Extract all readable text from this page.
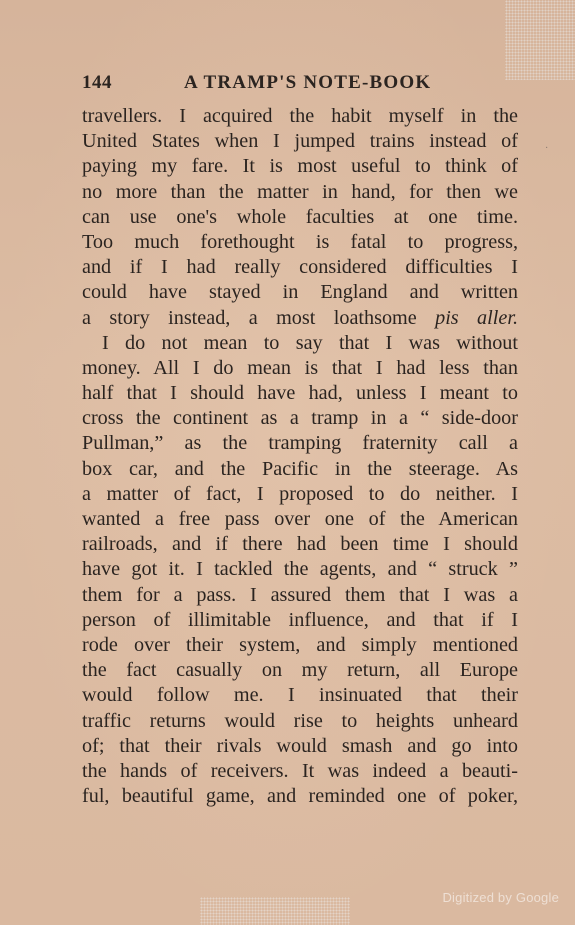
144	A TRAMP'S NOTE-BOOK
travellers. I acquired the habit myself in the
United States when I jumped trains instead of
paying my fare. It is most useful to think of
no more than the matter in hand, for then we
can use one's whole faculties at one time.
Too much forethought is fatal to progress,
and if I had really considered difficulties I
could have stayed in England and written
a story instead, a most loathsome pis aller.
I do not mean to say that I was without
money. All I do mean is that I had less than
half that I should have had, unless I meant to
cross the continent as a tramp in a “ side-door
Pullman,” as the tramping fraternity call a
box car, and the Pacific in the steerage. As
a matter of fact, I proposed to do neither. I
wanted a free pass over one of the American
railroads, and if there had been time I should
have got it. I tackled the agents, and “ struck ”
them for a pass. I assured them that I was a
person of illimitable influence, and that if I
rode over their system, and simply mentioned
the fact casually on my return, all Europe
would follow me. I insinuated that their
traffic returns would rise to heights unheard
of; that their rivals would smash and go into
the hands of receivers. It was indeed a beauti-
ful, beautiful game, and reminded one of poker,
·
Digitized by Google
